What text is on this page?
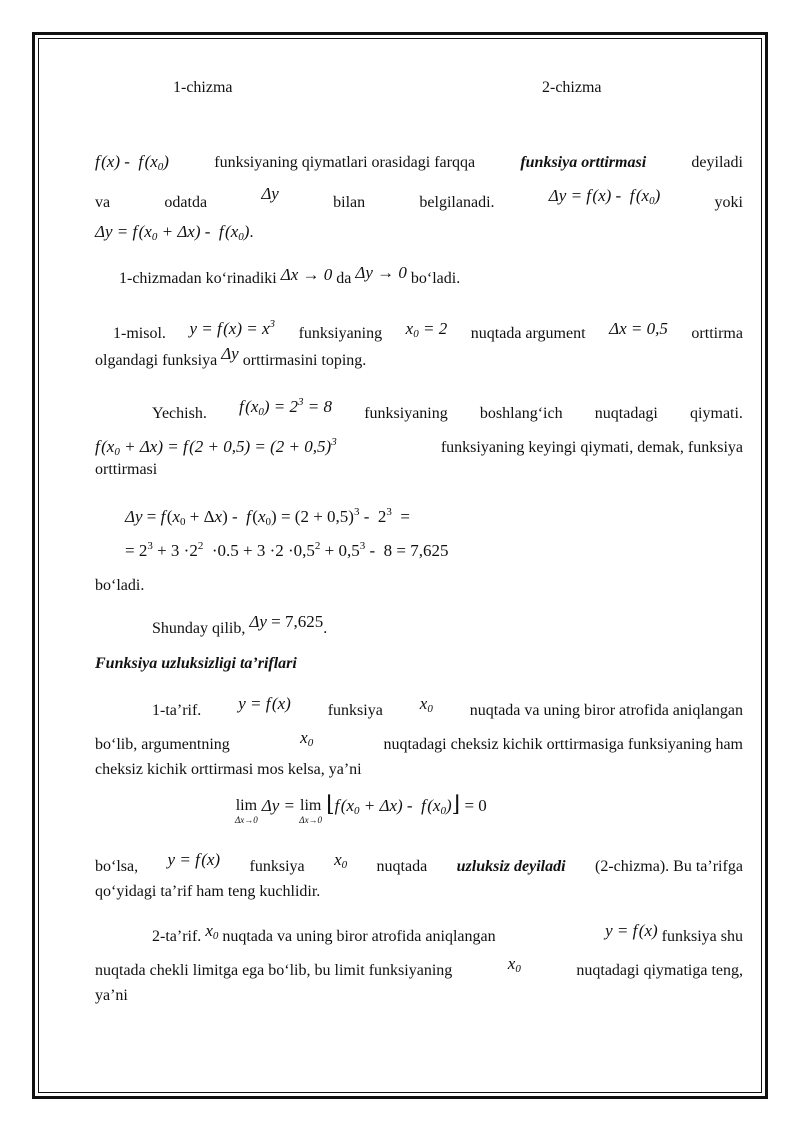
1-chizma	2-chizma
f (x) -  f $(x_0)$	funksiyaning qiymatlari orasidagi farqqa	funksiya orttirmasi	deyiladi
va	odatda	Δy	bilan	belgilanadi.	Δy = f (x) -  f $(x_0)$	yoki
Δy = f $(x_0 + \Delta x) - f$ $(x_0)$.
1-chizmadan ko‘rinadiki Δx → 0 da Δy → 0 bo‘ladi.
1-misol. y = f $(x) = x^3$
funksiyaning $x_0 = 2$ nuqtada argument Δx = 0,5 orttirma
olgandagi funksiya Δy orttirmasini toping.
Yechish. f $(x_0) = 2^3 = 8$ funksiyaning boshlang‘ich nuqtadagi qiymati.
f $(x_0 + \Delta x) = f$ $(2 + 0,5) = (2 + 0,5)^3$	funksiyaning keyingi qiymati, demak, funksiya
orttirmasi
Δy = f $(x_0 + \Delta x) - f$ $(x_0) = (2 + 0,5)^3 - 2^3$  =
= $2^3 + 3 \cdot 2^2 \cdot 0.5 + 3 \cdot 2 \cdot 0,5^2 + 0,5^3 - 8 = 7,625$
bo‘ladi.
Shunday qilib, Δy = 7,625.
Funksiya uzluksizligi ta’riflari
1-ta’rif. y = f (x) funksiya $x_0$ nuqtada va uning biror atrofida aniqlangan
bo‘lib, argumentning	$x_0$	nuqtadagi cheksiz kichik orttirmasiga funksiyaning ham
cheksiz kichik orttirmasi mos kelsa, ya’ni
lim
Δx→0
Δy = lim
Δx→0
⌊f $(x_0 + \Delta x) - f$ $(x_0)⌋ = 0$
bo‘lsa, y = f (x) funksiya $x_0$ nuqtada uzluksiz deyiladi (2-chizma). Bu ta’rifga
qo‘yidagi ta’rif ham teng kuchlidir.
2-ta’rif. $x_0$ nuqtada va uning biror atrofida aniqlangan	y = f (x) funksiya shu
nuqtada chekli limitga ega bo‘lib, bu limit funksiyaning	$x_0$	nuqtadagi qiymatiga teng,
ya’ni
